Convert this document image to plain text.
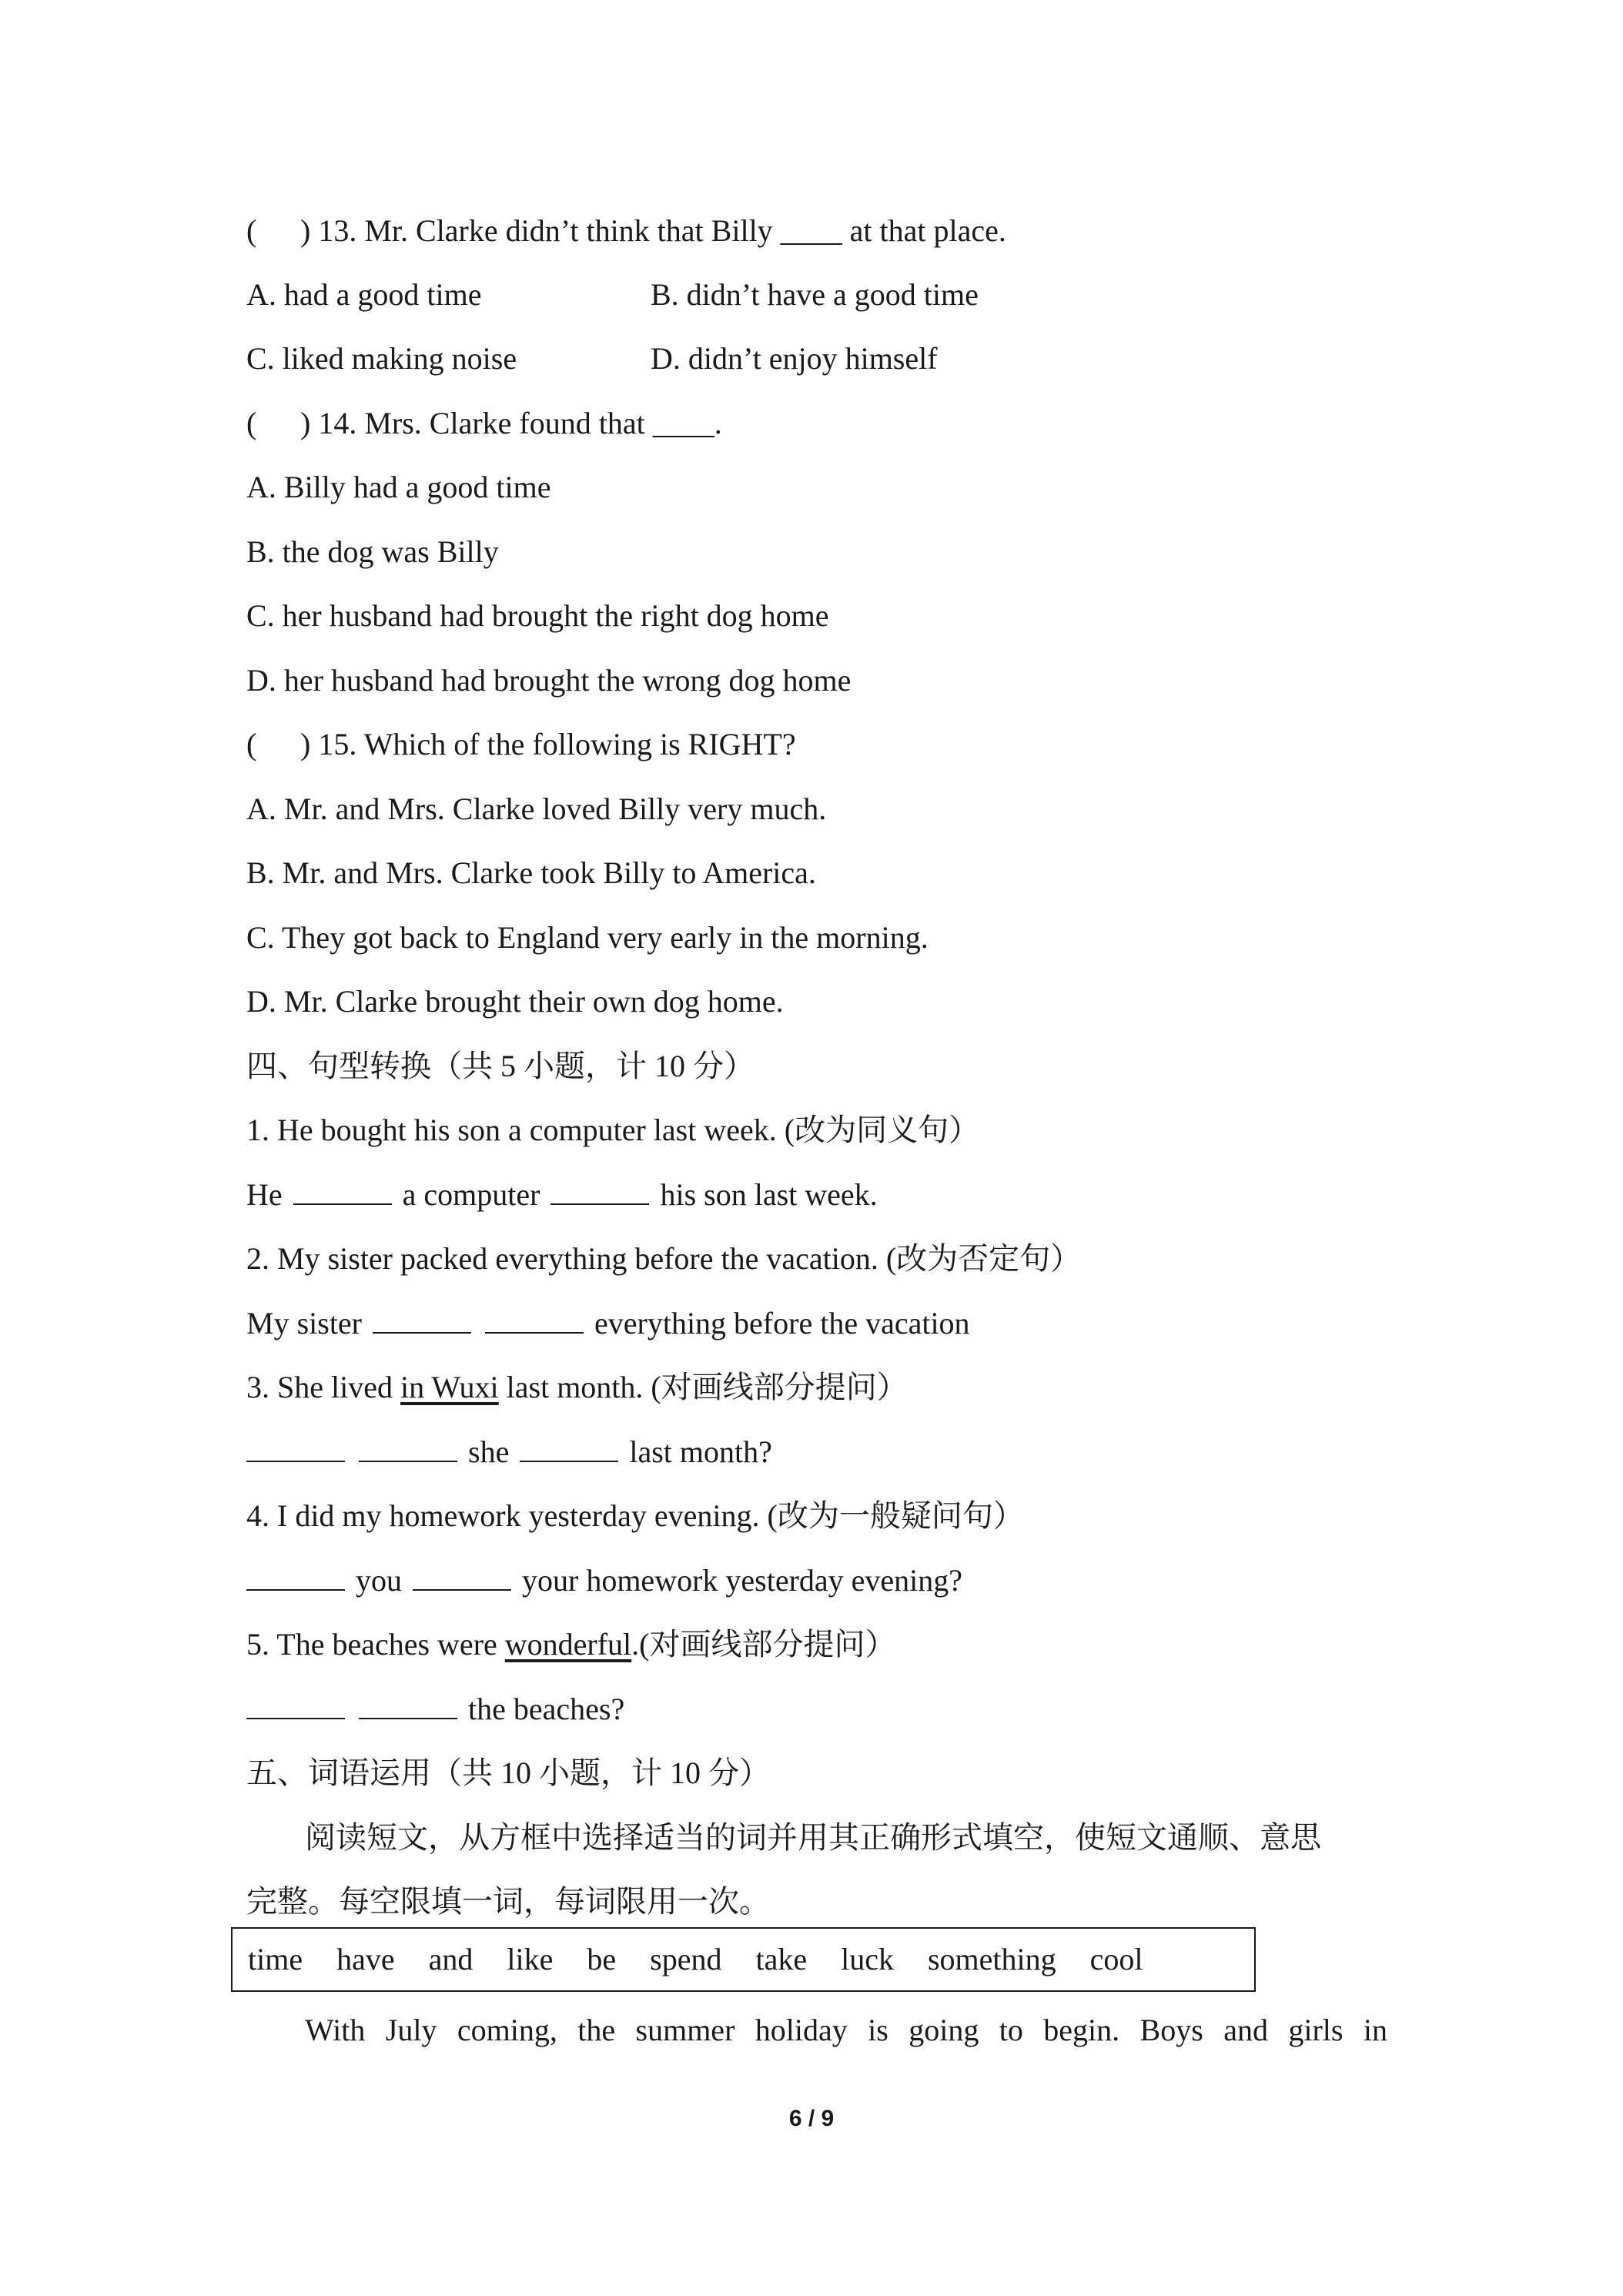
( ) 13. Mr. Clarke didn’t think that Billy ____ at that place.
A. had a good time	B. didn’t have a good time
C. liked making noise	D. didn’t enjoy himself
( ) 14. Mrs. Clarke found that ____.
A. Billy had a good time
B. the dog was Billy
C. her husband had brought the right dog home
D. her husband had brought the wrong dog home
( ) 15. Which of the following is RIGHT?
A. Mr. and Mrs. Clarke loved Billy very much.
B. Mr. and Mrs. Clarke took Billy to America.
C. They got back to England very early in the morning.
D. Mr. Clarke brought their own dog home.
四、句型转换（共 5 小题，计 10 分）
1. He bought his son a computer last week. (改为同义句）
He	a computer	his son last week.
2. My sister packed everything before the vacation. (改为否定句）
My sister	everything before the vacation
3. She lived in Wuxi last month. (对画线部分提问）
she	last month?
4. I did my homework yesterday evening. (改为一般疑问句）
you	your homework yesterday evening?
5. The beaches were wonderful.(对画线部分提问）
the beaches?
五、词语运用（共 10 小题，计 10 分）
阅读短文，从方框中选择适当的词并用其正确形式填空，使短文通顺、意思
完整。每空限填一词，每词限用一次。
time have and like be spend take luck something cool
With July coming, the summer holiday is going to begin. Boys and girls in
6 / 9
